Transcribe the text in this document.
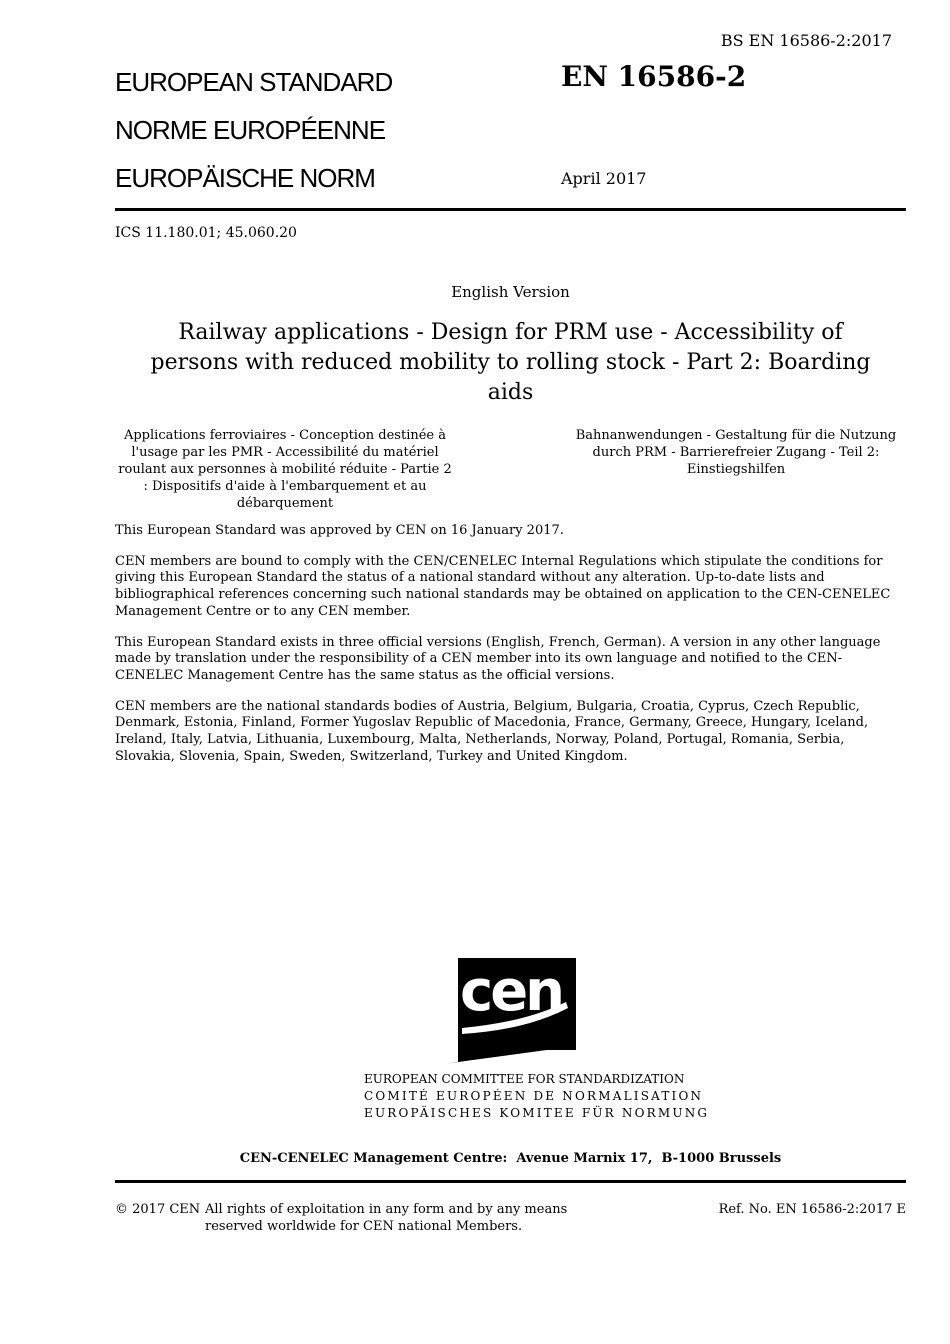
BS EN 16586-2:2017
EUROPEAN STANDARD
NORME EUROPÉENNE
EUROPÄISCHE NORM
EN 16586-2
April 2017
ICS 11.180.01; 45.060.20
English Version
Railway applications - Design for PRM use - Accessibility of persons with reduced mobility to rolling stock - Part 2: Boarding aids
Applications ferroviaires - Conception destinée à l'usage par les PMR - Accessibilité du matériel roulant aux personnes à mobilité réduite - Partie 2 : Dispositifs d'aide à l'embarquement et au débarquement
Bahnanwendungen - Gestaltung für die Nutzung durch PRM - Barrierefreier Zugang - Teil 2: Einstiegshilfen

This European Standard was approved by CEN on 16 January 2017.

CEN members are bound to comply with the CEN/CENELEC Internal Regulations which stipulate the conditions for giving this European Standard the status of a national standard without any alteration. Up-to-date lists and bibliographical references concerning such national standards may be obtained on application to the CEN-CENELEC Management Centre or to any CEN member.

This European Standard exists in three official versions (English, French, German). A version in any other language made by translation under the responsibility of a CEN member into its own language and notified to the CEN-CENELEC Management Centre has the same status as the official versions.

CEN members are the national standards bodies of Austria, Belgium, Bulgaria, Croatia, Cyprus, Czech Republic, Denmark, Estonia, Finland, Former Yugoslav Republic of Macedonia, France, Germany, Greece, Hungary, Iceland, Ireland, Italy, Latvia, Lithuania, Luxembourg, Malta, Netherlands, Norway, Poland, Portugal, Romania, Serbia, Slovakia, Slovenia, Spain, Sweden, Switzerland, Turkey and United Kingdom.

cen
EUROPEAN COMMITTEE FOR STANDARDIZATION
COMITÉ EUROPÉEN DE NORMALISATION
EUROPÄISCHES KOMITEE FÜR NORMUNG
CEN-CENELEC Management Centre:  Avenue Marnix 17,  B-1000 Brussels
© 2017 CEN All rights of exploitation in any form and by any means reserved worldwide for CEN national Members.
Ref. No. EN 16586-2:2017 E
